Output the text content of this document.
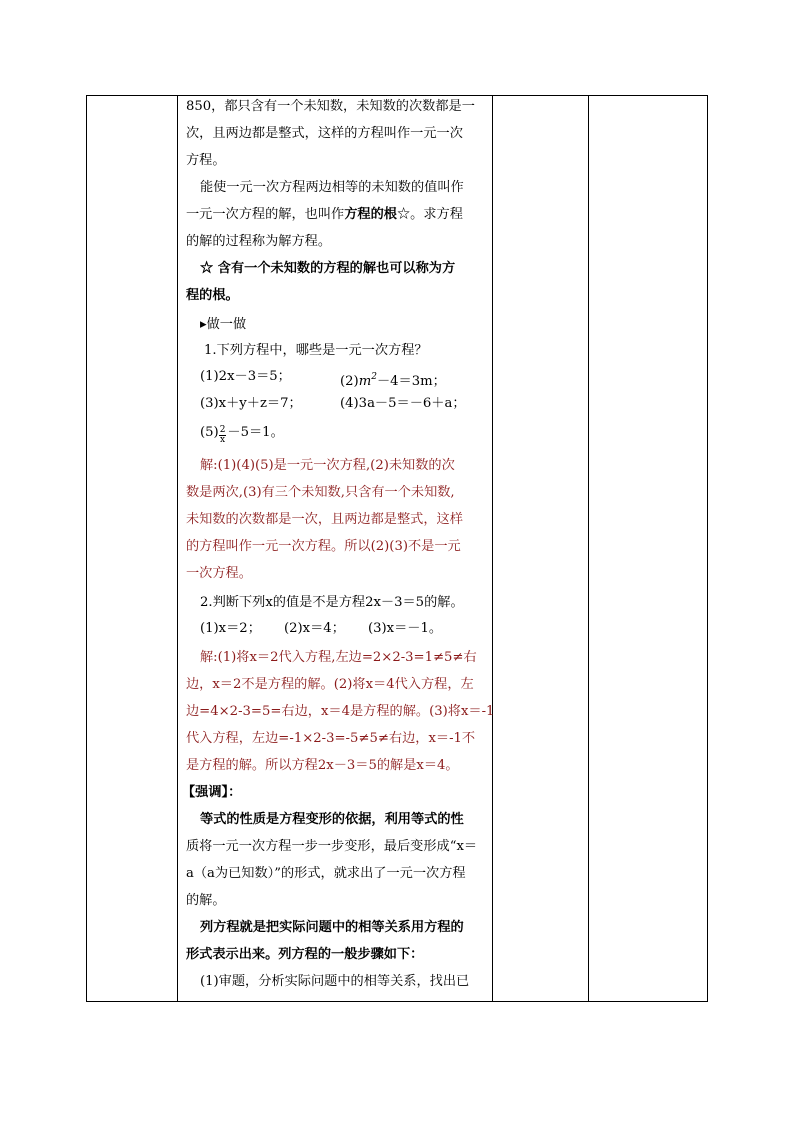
850，都只含有一个未知数，未知数的次数都是一
次，且两边都是整式，这样的方程叫作一元一次
方程。
能使一元一次方程两边相等的未知数的值叫作
一元一次方程的解，也叫作方程的根☆。求方程
的解的过程称为解方程。
☆ 含有一个未知数的方程的解也可以称为方
程的根。
▸做一做
1.下列方程中，哪些是一元一次方程？
(1)2x－3＝5；	$(2)m^2-4=3m$；
(3)x＋y＋z＝7；	(4)3a－5＝－6＋a；
$(5) \frac{2}{x} -5=1$。
解:(1)(4)(5)是一元一次方程,(2)未知数的次
数是两次,(3)有三个未知数,只含有一个未知数,
未知数的次数都是一次，且两边都是整式，这样
的方程叫作一元一次方程。所以(2)(3)不是一元
一次方程。
2.判断下列x的值是不是方程2x－3＝5的解。
(1)x＝2； (2)x＝4； (3)x＝－1。
解:(1)将x＝2代入方程,左边=2×2-3=1≠5≠右
边，x＝2不是方程的解。(2)将x＝4代入方程，左
边=4×2-3=5=右边，x＝4是方程的解。(3)将x＝-1
代入方程，左边=-1×2-3=-5≠5≠右边，x＝-1不
是方程的解。所以方程2x－3＝5的解是x＝4。
【强调】：
等式的性质是方程变形的依据，利用等式的性
质将一元一次方程一步一步变形，最后变形成“x＝
a（a为已知数）”的形式，就求出了一元一次方程
的解。
列方程就是把实际问题中的相等关系用方程的
形式表示出来。列方程的一般步骤如下：
(1)审题，分析实际问题中的相等关系，找出已
